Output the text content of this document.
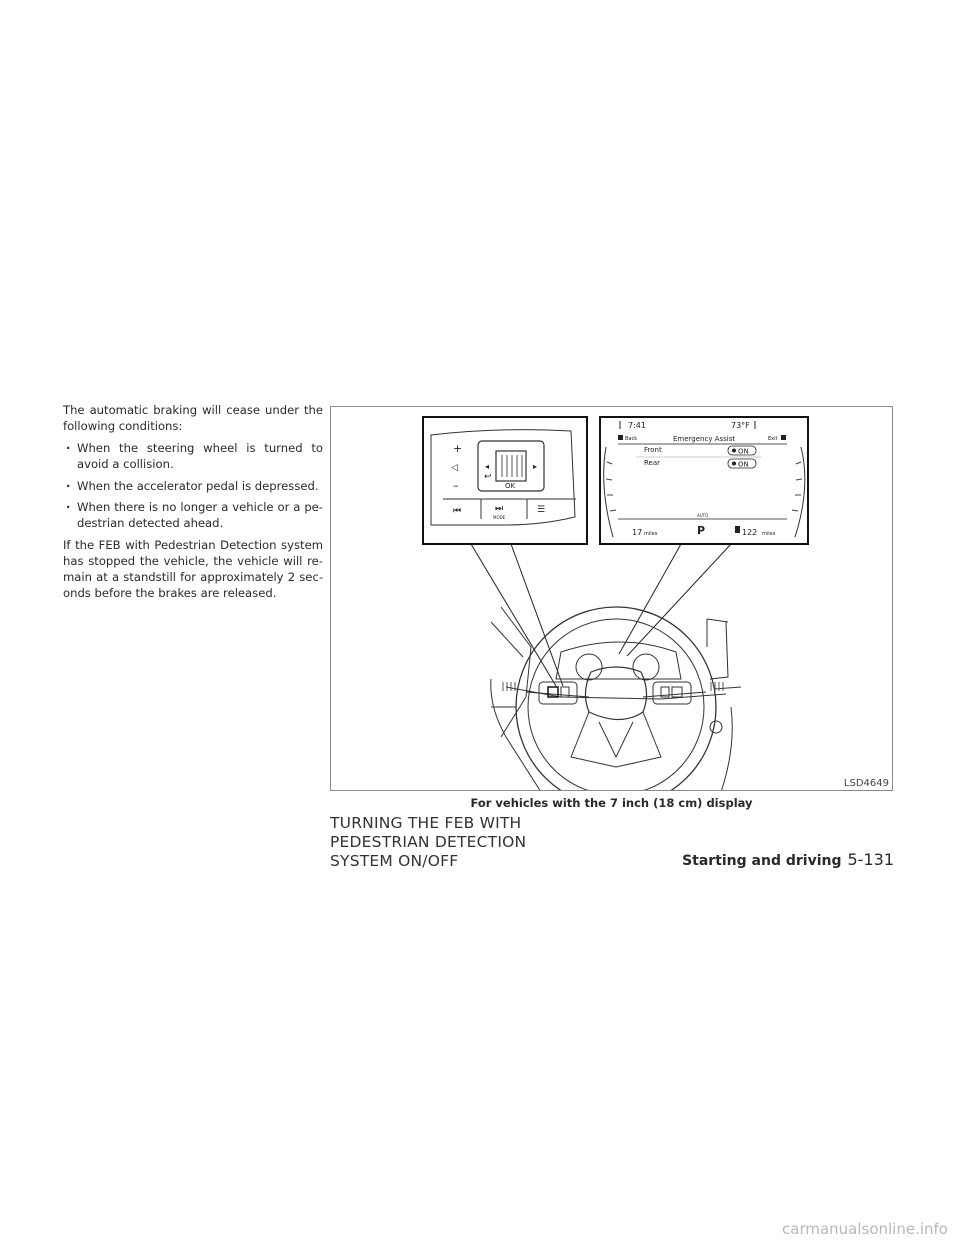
The automatic braking will cease under the following conditions:

· When the steering wheel is turned to avoid a collision.
· When the accelerator pedal is depressed.
· When there is no longer a vehicle or a pe-destrian detected ahead.

If the FEB with Pedestrian Detection system has stopped the vehicle, the vehicle will re-main at a standstill for approximately 2 sec-onds before the brakes are released.

◂	▸
OK
+
◁
–
↩
⏮	⏭
MODE
☰
7:41	73°F
Back	Emergency Assist	Exit
Front	ON
Rear	ON
AUTO
17 miles	P	122 miles
LSD4649
For vehicles with the 7 inch (18 cm) display
TURNING THE FEB WITH
PEDESTRIAN DETECTION
SYSTEM ON/OFF	Starting and driving 5-131
carmanualsonline.info
